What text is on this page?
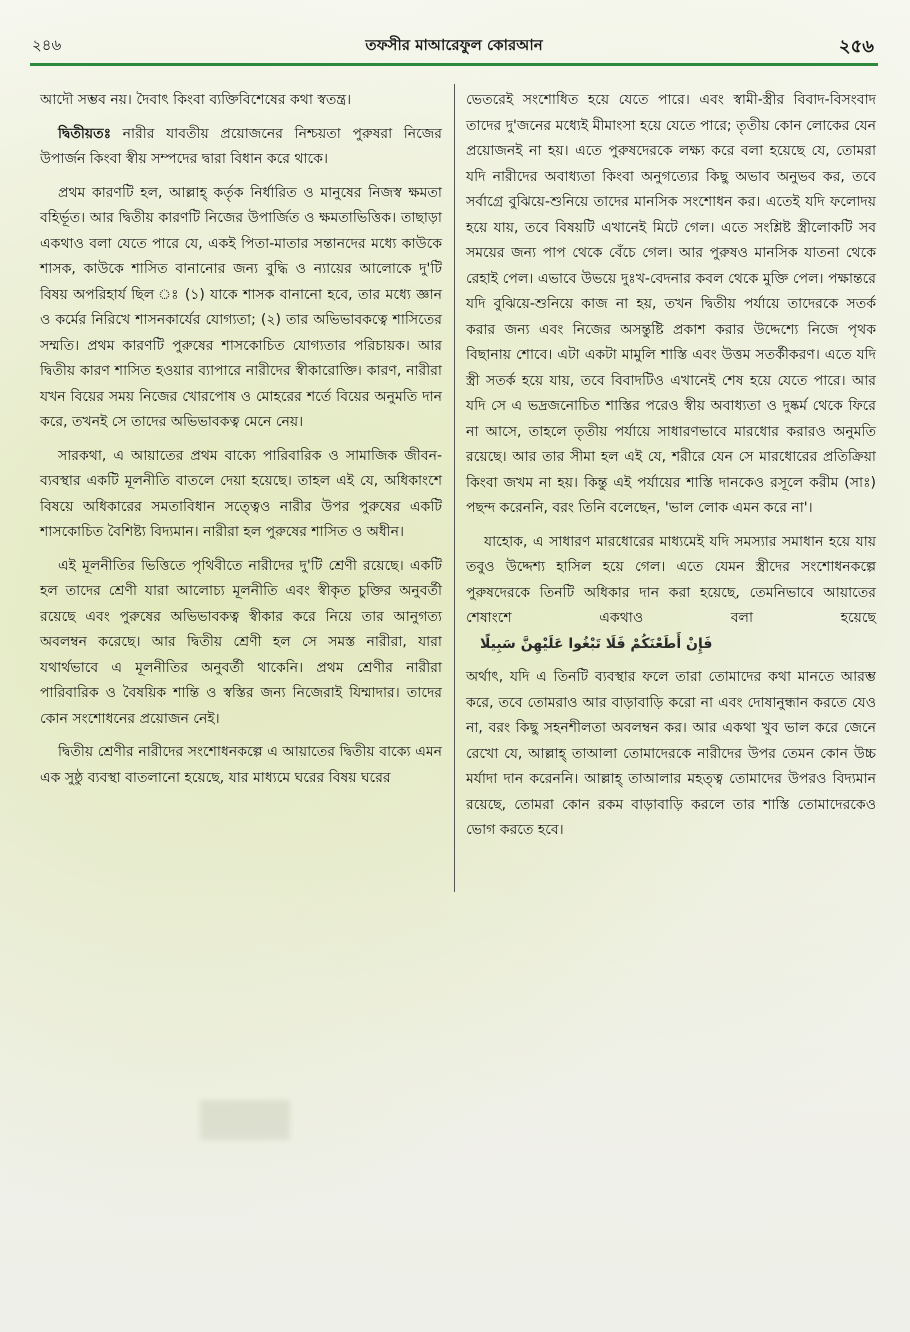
২৪৬	তফসীর মাআরেফুল কোরআন	২৫৬

আদৌ সম্ভব নয়। দৈবাৎ কিংবা ব্যক্তিবিশেষের কথা স্বতন্ত্র।

দ্বিতীয়তঃ নারীর যাবতীয় প্রয়োজনের নিশ্চয়তা পুরুষরা নিজের উপার্জন কিংবা স্বীয় সম্পদের দ্বারা বিধান করে থাকে।

প্রথম কারণটি হল, আল্লাহ্ কর্তৃক নির্ধারিত ও মানুষের নিজস্ব ক্ষমতা বহির্ভূত। আর দ্বিতীয় কারণটি নিজের উপার্জিত ও ক্ষমতাভিত্তিক। তাছাড়া একথাও বলা যেতে পারে যে, একই পিতা-মাতার সন্তানদের মধ্যে কাউকে শাসক, কাউকে শাসিত বানানোর জন্য বুদ্ধি ও ন্যায়ের আলোকে দু'টি বিষয় অপরিহার্য ছিল ঃ (১) যাকে শাসক বানানো হবে, তার মধ্যে জ্ঞান ও কর্মের নিরিখে শাসনকার্যের যোগ্যতা; (২) তার অভিভাবকত্বে শাসিতের সম্মতি। প্রথম কারণটি পুরুষের শাসকোচিত যোগ্যতার পরিচায়ক। আর দ্বিতীয় কারণ শাসিত হওয়ার ব্যাপারে নারীদের স্বীকারোক্তি। কারণ, নারীরা যখন বিয়ের সময় নিজের খোরপোষ ও মোহরের শর্তে বিয়ের অনুমতি দান করে, তখনই সে তাদের অভিভাবকত্ব মেনে নেয়।

সারকথা, এ আয়াতের প্রথম বাক্যে পারিবারিক ও সামাজিক জীবন-ব্যবস্থার একটি মূলনীতি বাতলে দেয়া হয়েছে। তাহল এই যে, অধিকাংশে বিষয়ে অধিকারের সমতাবিধান সত্ত্বেও নারীর উপর পুরুষের একটি শাসকোচিত বৈশিষ্ট্য বিদ্যমান। নারীরা হল পুরুষের শাসিত ও অধীন।

এই মূলনীতির ভিত্তিতে পৃথিবীতে নারীদের দু'টি শ্রেণী রয়েছে। একটি হল তাদের শ্রেণী যারা আলোচ্য মূলনীতি এবং স্বীকৃত চুক্তির অনুবর্তী রয়েছে এবং পুরুষের অভিভাবকত্ব স্বীকার করে নিয়ে তার আনুগত্য অবলম্বন করেছে। আর দ্বিতীয় শ্রেণী হল সে সমস্ত নারীরা, যারা যথার্থভাবে এ মূলনীতির অনুবর্তী থাকেনি। প্রথম শ্রেণীর নারীরা পারিবারিক ও বৈষয়িক শান্তি ও স্বস্তির জন্য নিজেরাই যিম্মাদার। তাদের কোন সংশোধনের প্রয়োজন নেই।

দ্বিতীয় শ্রেণীর নারীদের সংশোধনকল্পে এ আয়াতের দ্বিতীয় বাক্যে এমন এক সুষ্ঠু ব্যবস্থা বাতলানো হয়েছে, যার মাধ্যমে ঘরের বিষয় ঘরের

ভেতরেই সংশোধিত হয়ে যেতে পারে। এবং স্বামী-স্ত্রীর বিবাদ-বিসংবাদ তাদের দু'জনের মধ্যেই মীমাংসা হয়ে যেতে পারে; তৃতীয় কোন লোকের যেন প্রয়োজনই না হয়। এতে পুরুষদেরকে লক্ষ্য করে বলা হয়েছে যে, তোমরা যদি নারীদের অবাধ্যতা কিংবা অনুগত্যের কিছু অভাব অনুভব কর, তবে সর্বাগ্রে বুঝিয়ে-শুনিয়ে তাদের মানসিক সংশোধন কর। এতেই যদি ফলোদয় হয়ে যায়, তবে বিষয়টি এখানেই মিটে গেল। এতে সংশ্লিষ্ট স্ত্রীলোকটি সব সময়ের জন্য পাপ থেকে বেঁচে গেল। আর পুরুষও মানসিক যাতনা থেকে রেহাই পেল। এভাবে উভয়ে দুঃখ-বেদনার কবল থেকে মুক্তি পেল। পক্ষান্তরে যদি বুঝিয়ে-শুনিয়ে কাজ না হয়, তখন দ্বিতীয় পর্যায়ে তাদেরকে সতর্ক করার জন্য এবং নিজের অসন্তুষ্টি প্রকাশ করার উদ্দেশ্যে নিজে পৃথক বিছানায় শোবে। এটা একটা মামুলি শাস্তি এবং উত্তম সতর্কীকরণ। এতে যদি স্ত্রী সতর্ক হয়ে যায়, তবে বিবাদটিও এখানেই শেষ হয়ে যেতে পারে। আর যদি সে এ ভদ্রজনোচিত শাস্তির পরেও স্বীয় অবাধ্যতা ও দুষ্কর্ম থেকে ফিরে না আসে, তাহলে তৃতীয় পর্যায়ে সাধারণভাবে মারধোর করারও অনুমতি রয়েছে। আর তার সীমা হল এই যে, শরীরে যেন সে মারধোরের প্রতিক্রিয়া কিংবা জখম না হয়। কিন্তু এই পর্যায়ের শাস্তি দানকেও রসূলে করীম (সাঃ) পছন্দ করেননি, বরং তিনি বলেছেন, 'ভাল লোক এমন করে না'।

যাহোক, এ সাধারণ মারধোরের মাধ্যমেই যদি সমস্যার সমাধান হয়ে যায় তবুও উদ্দেশ্য হাসিল হয়ে গেল। এতে যেমন স্ত্রীদের সংশোধনকল্পে পুরুষদেরকে তিনটি অধিকার দান করা হয়েছে, তেমনিভাবে আয়াতের শেষাংশে একথাও বলা হয়েছে فَإِنْ أَطَعْنَكُمْ فَلَا تَبْغُوا عَلَيْهِنَّ سَبِيلًا

অর্থাৎ, যদি এ তিনটি ব্যবস্থার ফলে তারা তোমাদের কথা মানতে আরম্ভ করে, তবে তোমরাও আর বাড়াবাড়ি করো না এবং দোষানুন্ধান করতে যেও না, বরং কিছু সহনশীলতা অবলম্বন কর। আর একথা খুব ভাল করে জেনে রেখো যে, আল্লাহ্ তাআলা তোমাদেরকে নারীদের উপর তেমন কোন উচ্চ মর্যাদা দান করেননি। আল্লাহ্ তাআলার মহত্ত্ব তোমাদের উপরও বিদ্যমান রয়েছে, তোমরা কোন রকম বাড়াবাড়ি করলে তার শাস্তি তোমাদেরকেও ভোগ করতে হবে।
